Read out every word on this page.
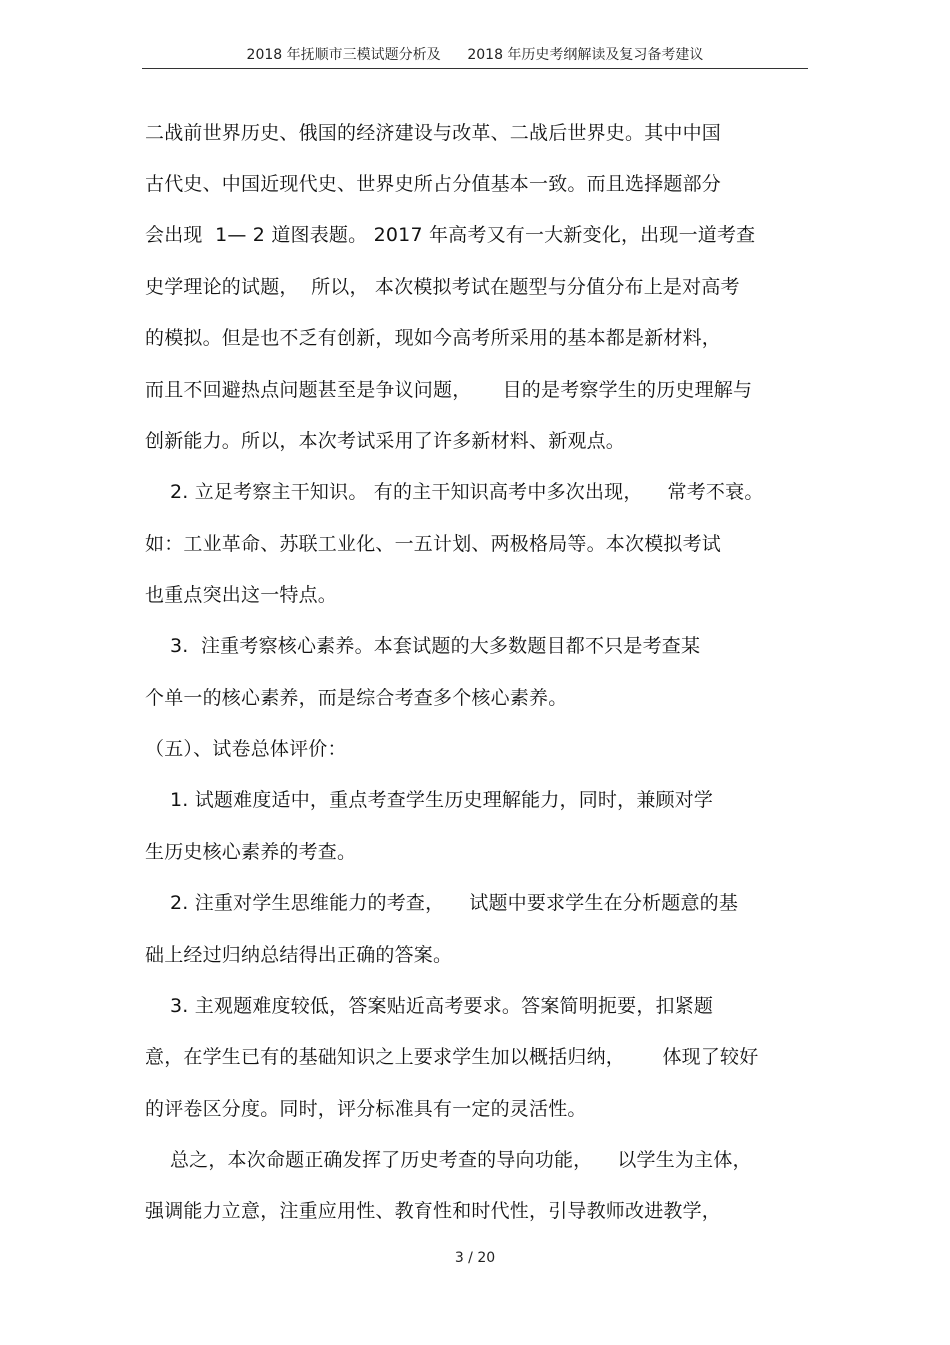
2018 年抚顺市三模试题分析及 2018 年历史考纲解读及复习备考建议
二战前世界历史、俄国的经济建设与改革、二战后世界史。其中中国
古代史、中国近现代史、世界史所占分值基本一致。而且选择题部分
会出现  1— 2 道图表题。 2017 年高考又有一大新变化，出现一道考查
史学理论的试题，  所以， 本次模拟考试在题型与分值分布上是对高考
的模拟。但是也不乏有创新，现如今高考所采用的基本都是新材料，
而且不回避热点问题甚至是争议问题，     目的是考察学生的历史理解与
创新能力。所以，本次考试采用了许多新材料、新观点。
2. 立足考察主干知识。 有的主干知识高考中多次出现，    常考不衰。
如：工业革命、苏联工业化、一五计划、两极格局等。本次模拟考试
也重点突出这一特点。
3.  注重考察核心素养。本套试题的大多数题目都不只是考查某
个单一的核心素养，而是综合考查多个核心素养。
（五）、试卷总体评价：
1. 试题难度适中，重点考查学生历史理解能力，同时，兼顾对学
生历史核心素养的考查。
2. 注重对学生思维能力的考查，    试题中要求学生在分析题意的基
础上经过归纳总结得出正确的答案。
3. 主观题难度较低，答案贴近高考要求。答案简明扼要，扣紧题
意，在学生已有的基础知识之上要求学生加以概括归纳，      体现了较好
的评卷区分度。同时，评分标准具有一定的灵活性。
总之，本次命题正确发挥了历史考查的导向功能，    以学生为主体，
强调能力立意，注重应用性、教育性和时代性，引导教师改进教学，
3 / 20
